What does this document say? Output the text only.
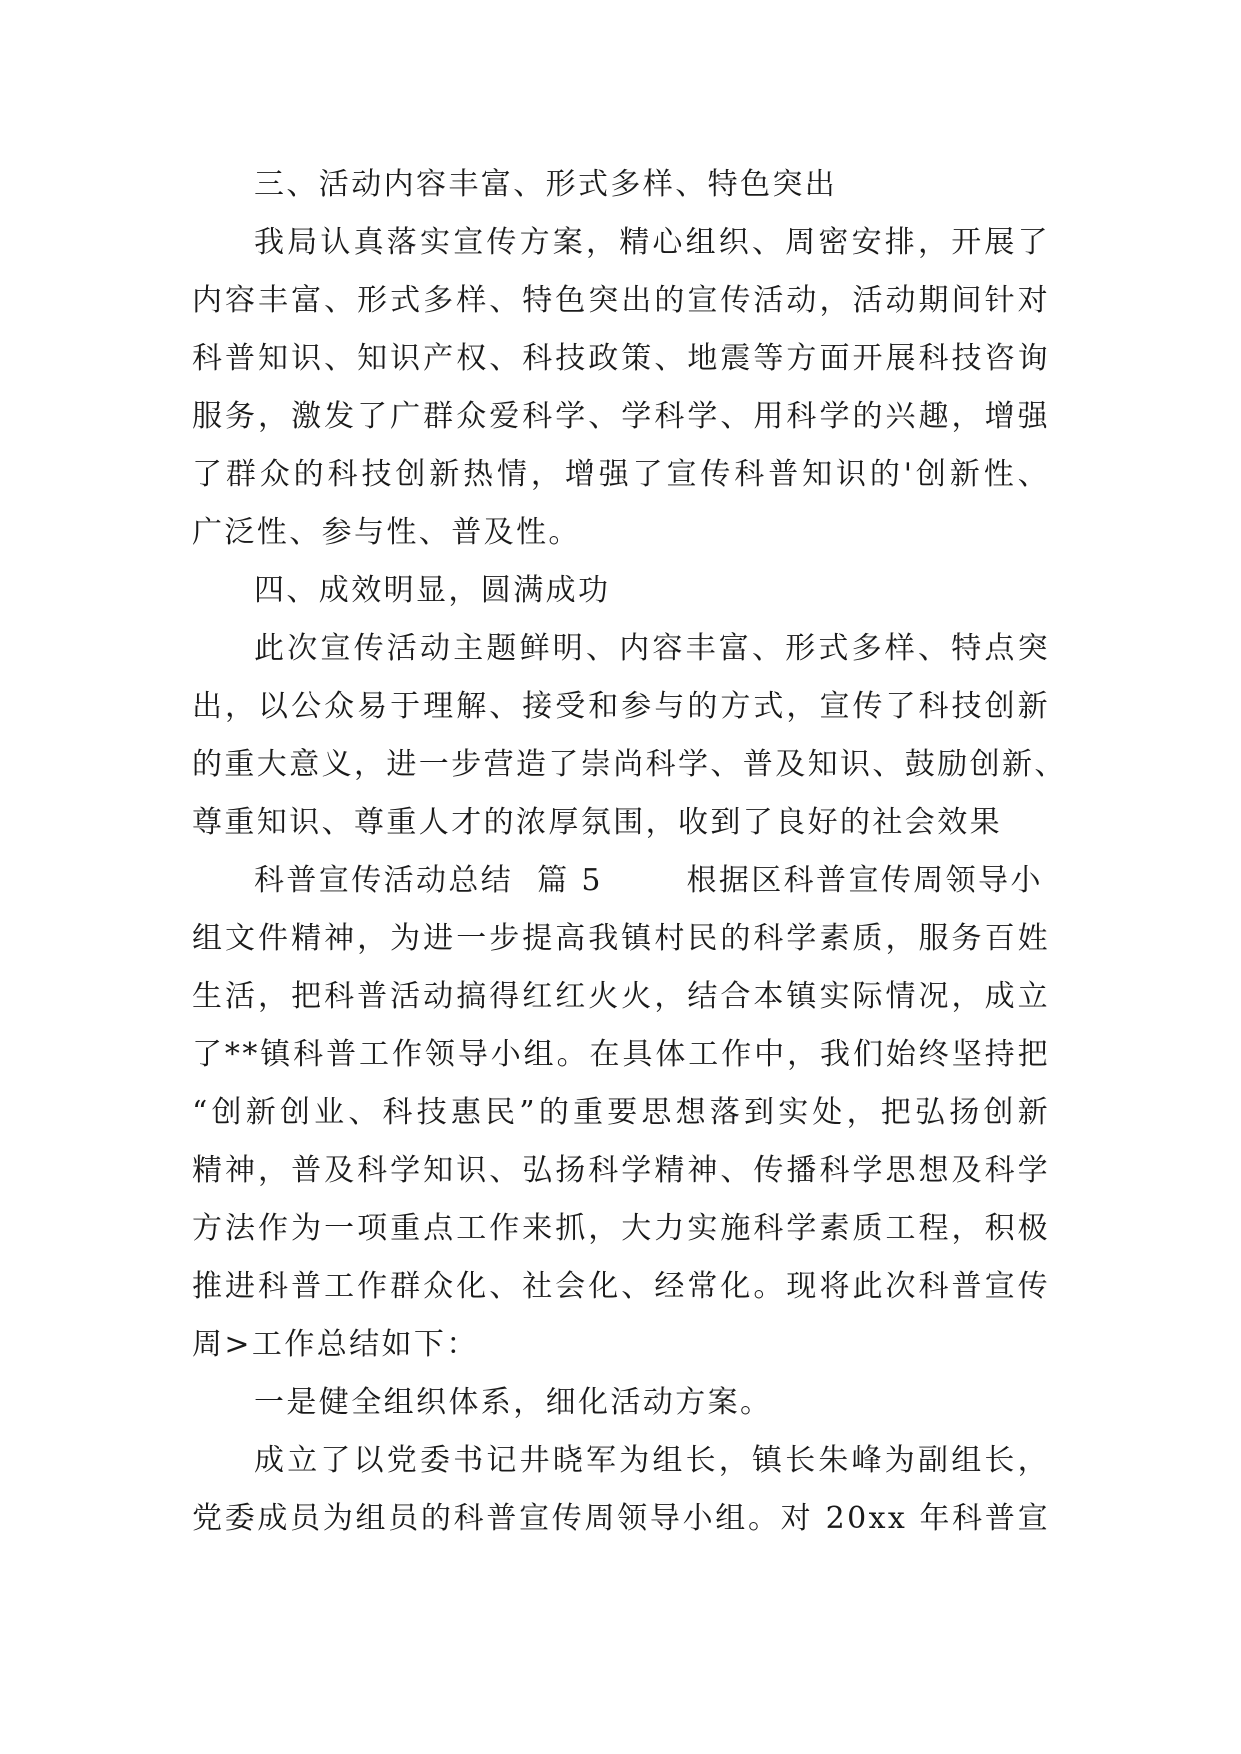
三、活动内容丰富、形式多样、特色突出
我局认真落实宣传方案，精心组织、周密安排，开展了
内容丰富、形式多样、特色突出的宣传活动，活动期间针对
科普知识、知识产权、科技政策、地震等方面开展科技咨询
服务，激发了广群众爱科学、学科学、用科学的兴趣，增强
了群众的科技创新热情，增强了宣传科普知识的'创新性、
广泛性、参与性、普及性。
四、成效明显，圆满成功
此次宣传活动主题鲜明、内容丰富、形式多样、特点突
出，以公众易于理解、接受和参与的方式，宣传了科技创新
的重大意义，进一步营造了崇尚科学、普及知识、鼓励创新、
尊重知识、尊重人才的浓厚氛围，收到了良好的社会效果
科普宣传活动总结  篇 5       根据区科普宣传周领导小
组文件精神，为进一步提高我镇村民的科学素质，服务百姓
生活，把科普活动搞得红红火火，结合本镇实际情况，成立
了**镇科普工作领导小组。在具体工作中，我们始终坚持把
“创新创业、科技惠民”的重要思想落到实处，把弘扬创新
精神，普及科学知识、弘扬科学精神、传播科学思想及科学
方法作为一项重点工作来抓，大力实施科学素质工程，积极
推进科普工作群众化、社会化、经常化。现将此次科普宣传
周>工作总结如下：
一是健全组织体系，细化活动方案。
成立了以党委书记井晓军为组长，镇长朱峰为副组长，
党委成员为组员的科普宣传周领导小组。对 20xx 年科普宣
